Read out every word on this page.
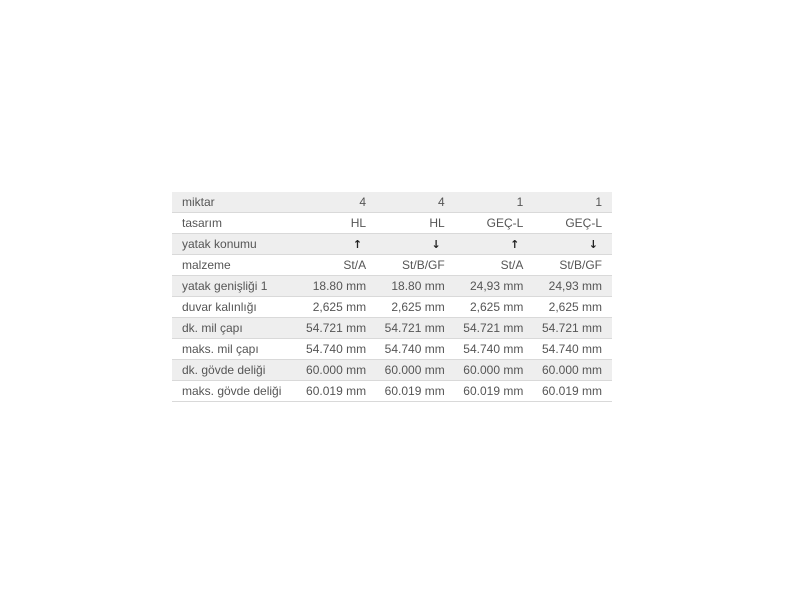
miktar	4	4	1	1
tasarım	HL	HL	GEÇ-L	GEÇ-L
yatak konumu	↑	↓	↑	↓
malzeme	St/A	St/B/GF	St/A	St/B/GF
yatak genişliği 1	18.80 mm	18.80 mm	24,93 mm	24,93 mm
duvar kalınlığı	2,625 mm	2,625 mm	2,625 mm	2,625 mm
dk. mil çapı	54.721 mm	54.721 mm	54.721 mm	54.721 mm
maks. mil çapı	54.740 mm	54.740 mm	54.740 mm	54.740 mm
dk. gövde deliği	60.000 mm	60.000 mm	60.000 mm	60.000 mm
maks. gövde deliği	60.019 mm	60.019 mm	60.019 mm	60.019 mm
